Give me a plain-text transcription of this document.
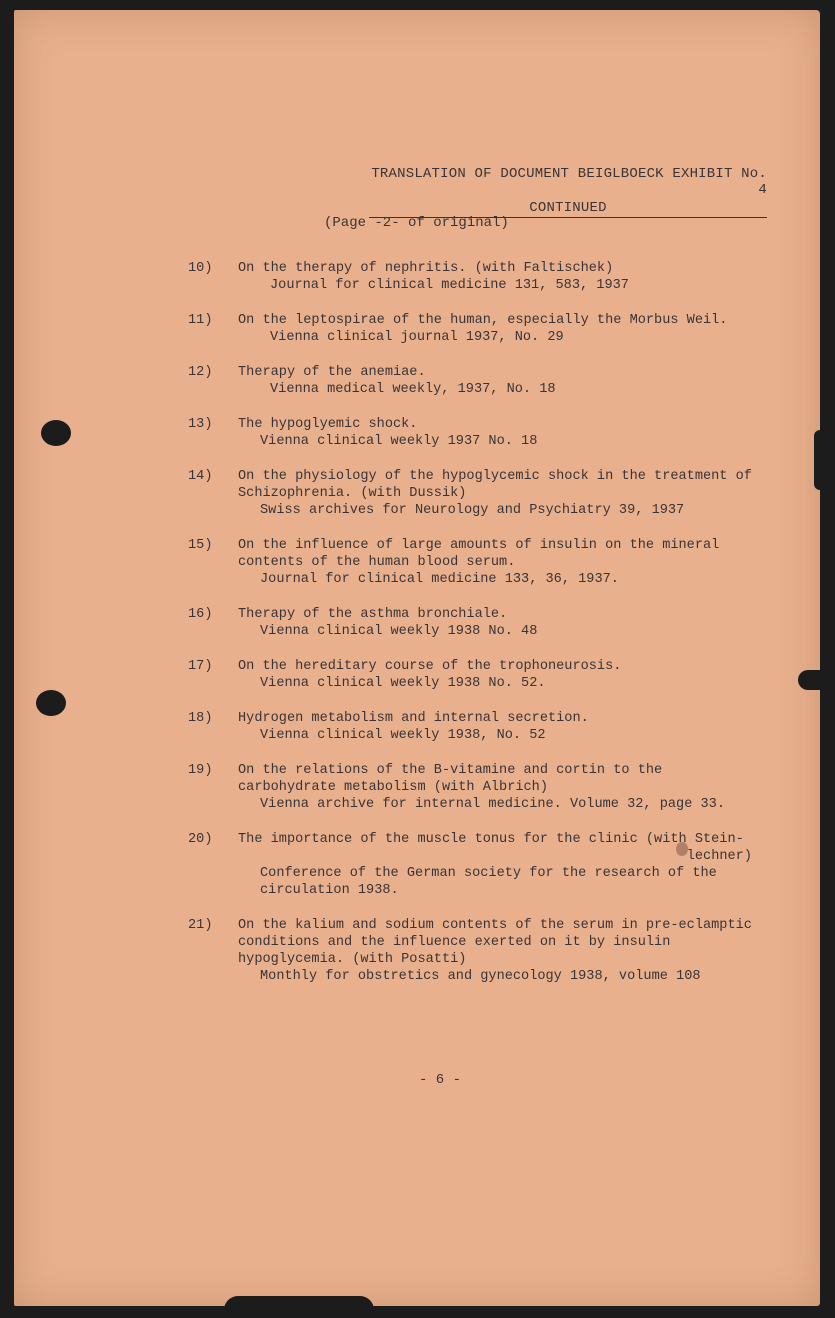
TRANSLATION OF DOCUMENT BEIGLBOECK EXHIBIT No. 4
CONTINUED
(Page -2- of original)
10)	On the therapy of nephritis. (with Faltischek)
Journal for clinical medicine 131, 583, 1937
11)	On the leptospirae of the human, especially the Morbus Weil.
Vienna clinical journal 1937, No. 29
12)	Therapy of the anemiae.
Vienna medical weekly, 1937, No. 18
13)	The hypoglyemic shock.
Vienna clinical weekly 1937 No. 18
14)	On the physiology of the hypoglycemic shock in the treatment of
Schizophrenia. (with Dussik)
Swiss archives for Neurology and Psychiatry 39, 1937
15)	On the influence of large amounts of insulin on the mineral
contents of the human blood serum.
Journal for clinical medicine 133, 36, 1937.
16)	Therapy of the asthma bronchiale.
Vienna clinical weekly 1938 No. 48
17)	On the hereditary course of the trophoneurosis.
Vienna clinical weekly 1938 No. 52.
18)	Hydrogen metabolism and internal secretion.
Vienna clinical weekly 1938, No. 52
19)	On the relations of the B-vitamine and cortin to the
carbohydrate metabolism (with Albrich)
Vienna archive for internal medicine. Volume 32, page 33.
20)	The importance of the muscle tonus for the clinic (with Stein-
lechner)
Conference of the German society for the research of the
circulation 1938.
21)	On the kalium and sodium contents of the serum in pre-eclamptic
conditions and the influence exerted on it by insulin
hypoglycemia. (with Posatti)
Monthly for obstretics and gynecology 1938, volume 108
- 6 -
